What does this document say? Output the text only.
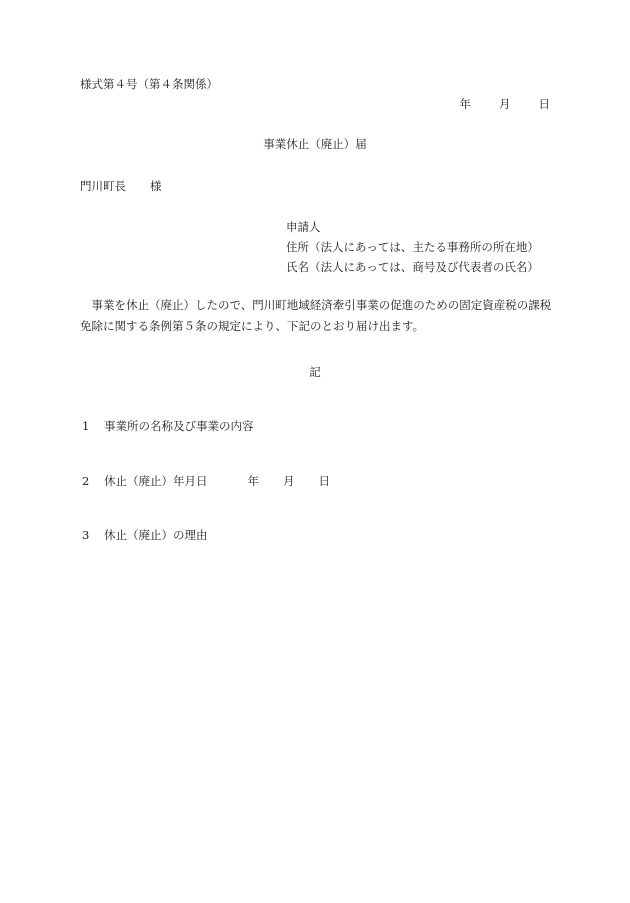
様式第４号（第４条関係）
年 月 日
事業休止（廃止）届
門川町長 様
申請人
住所（法人にあっては、主たる事務所の所在地）
氏名（法人にあっては、商号及び代表者の氏名）
　事業を休止（廃止）したので、門川町地域経済牽引事業の促進のための固定資産税の課税免除に関する条例第５条の規定により、下記のとおり届け出ます。
記
1 事業所の名称及び事業の内容
2 休止（廃止）年月日	年 月 日
3 休止（廃止）の理由
